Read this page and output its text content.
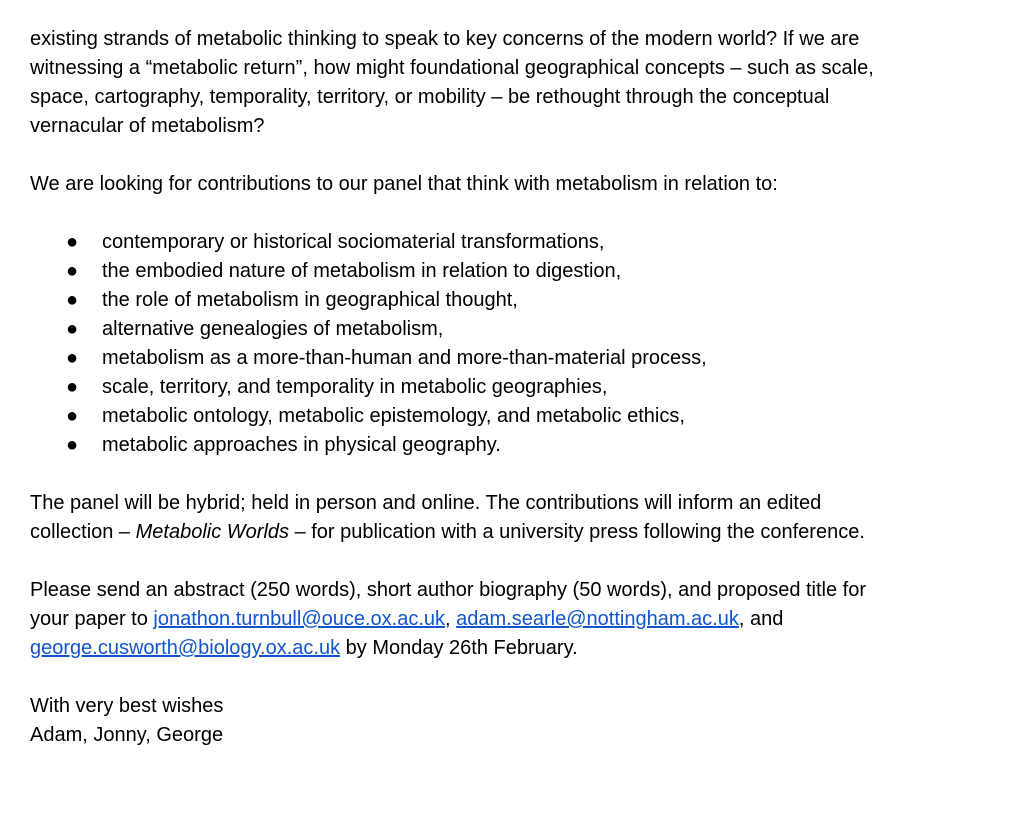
existing strands of metabolic thinking to speak to key concerns of the modern world? If we are

witnessing a “metabolic return”, how might foundational geographical concepts – such as scale,

space, cartography, temporality, territory, or mobility – be rethought through the conceptual

vernacular of metabolism?

We are looking for contributions to our panel that think with metabolism in relation to:

●	contemporary or historical sociomaterial transformations,
●	the embodied nature of metabolism in relation to digestion,
●	the role of metabolism in geographical thought,
●	alternative genealogies of metabolism,
●	metabolism as a more-than-human and more-than-material process,
●	scale, territory, and temporality in metabolic geographies,
●	metabolic ontology, metabolic epistemology, and metabolic ethics,
●	metabolic approaches in physical geography.

The panel will be hybrid; held in person and online. The contributions will inform an edited

collection – Metabolic Worlds – for publication with a university press following the conference.

Please send an abstract (250 words), short author biography (50 words), and proposed title for

your paper to jonathon.turnbull@ouce.ox.ac.uk, adam.searle@nottingham.ac.uk, and

george.cusworth@biology.ox.ac.uk by Monday 26th February.

With very best wishes

Adam, Jonny, George
